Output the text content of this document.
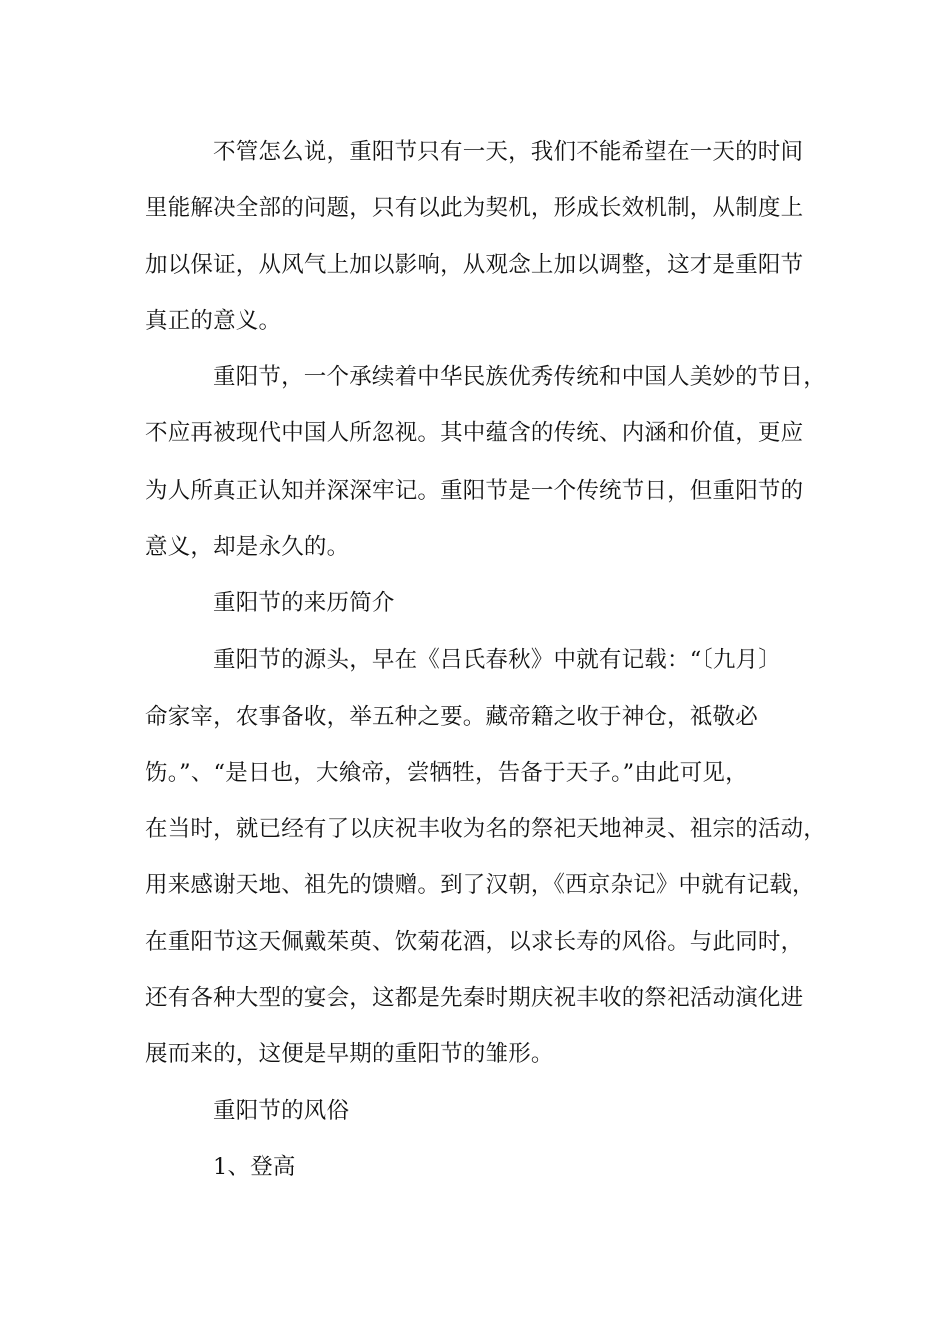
不管怎么说，重阳节只有一天，我们不能希望在一天的时间
里能解决全部的问题，只有以此为契机，形成长效机制，从制度上
加以保证，从风气上加以影响，从观念上加以调整，这才是重阳节
真正的意义。
重阳节，一个承续着中华民族优秀传统和中国人美妙的节日，
不应再被现代中国人所忽视。其中蕴含的传统、内涵和价值，更应
为人所真正认知并深深牢记。重阳节是一个传统节日，但重阳节的
意义，却是永久的。
重阳节的来历简介
重阳节的源头，早在《吕氏春秋》中就有记载：“〔九月〕
命家宰，农事备收，举五种之要。藏帝籍之收于神仓，祗敬必
饬。”、“是日也，大飨帝，尝牺牲，告备于天子。”由此可见，
在当时，就已经有了以庆祝丰收为名的祭祀天地神灵、祖宗的活动，
用来感谢天地、祖先的馈赠。到了汉朝，《西京杂记》中就有记载，
在重阳节这天佩戴茱萸、饮菊花酒，以求长寿的风俗。与此同时，
还有各种大型的宴会，这都是先秦时期庆祝丰收的祭祀活动演化进
展而来的，这便是早期的重阳节的雏形。
重阳节的风俗
1、登高
